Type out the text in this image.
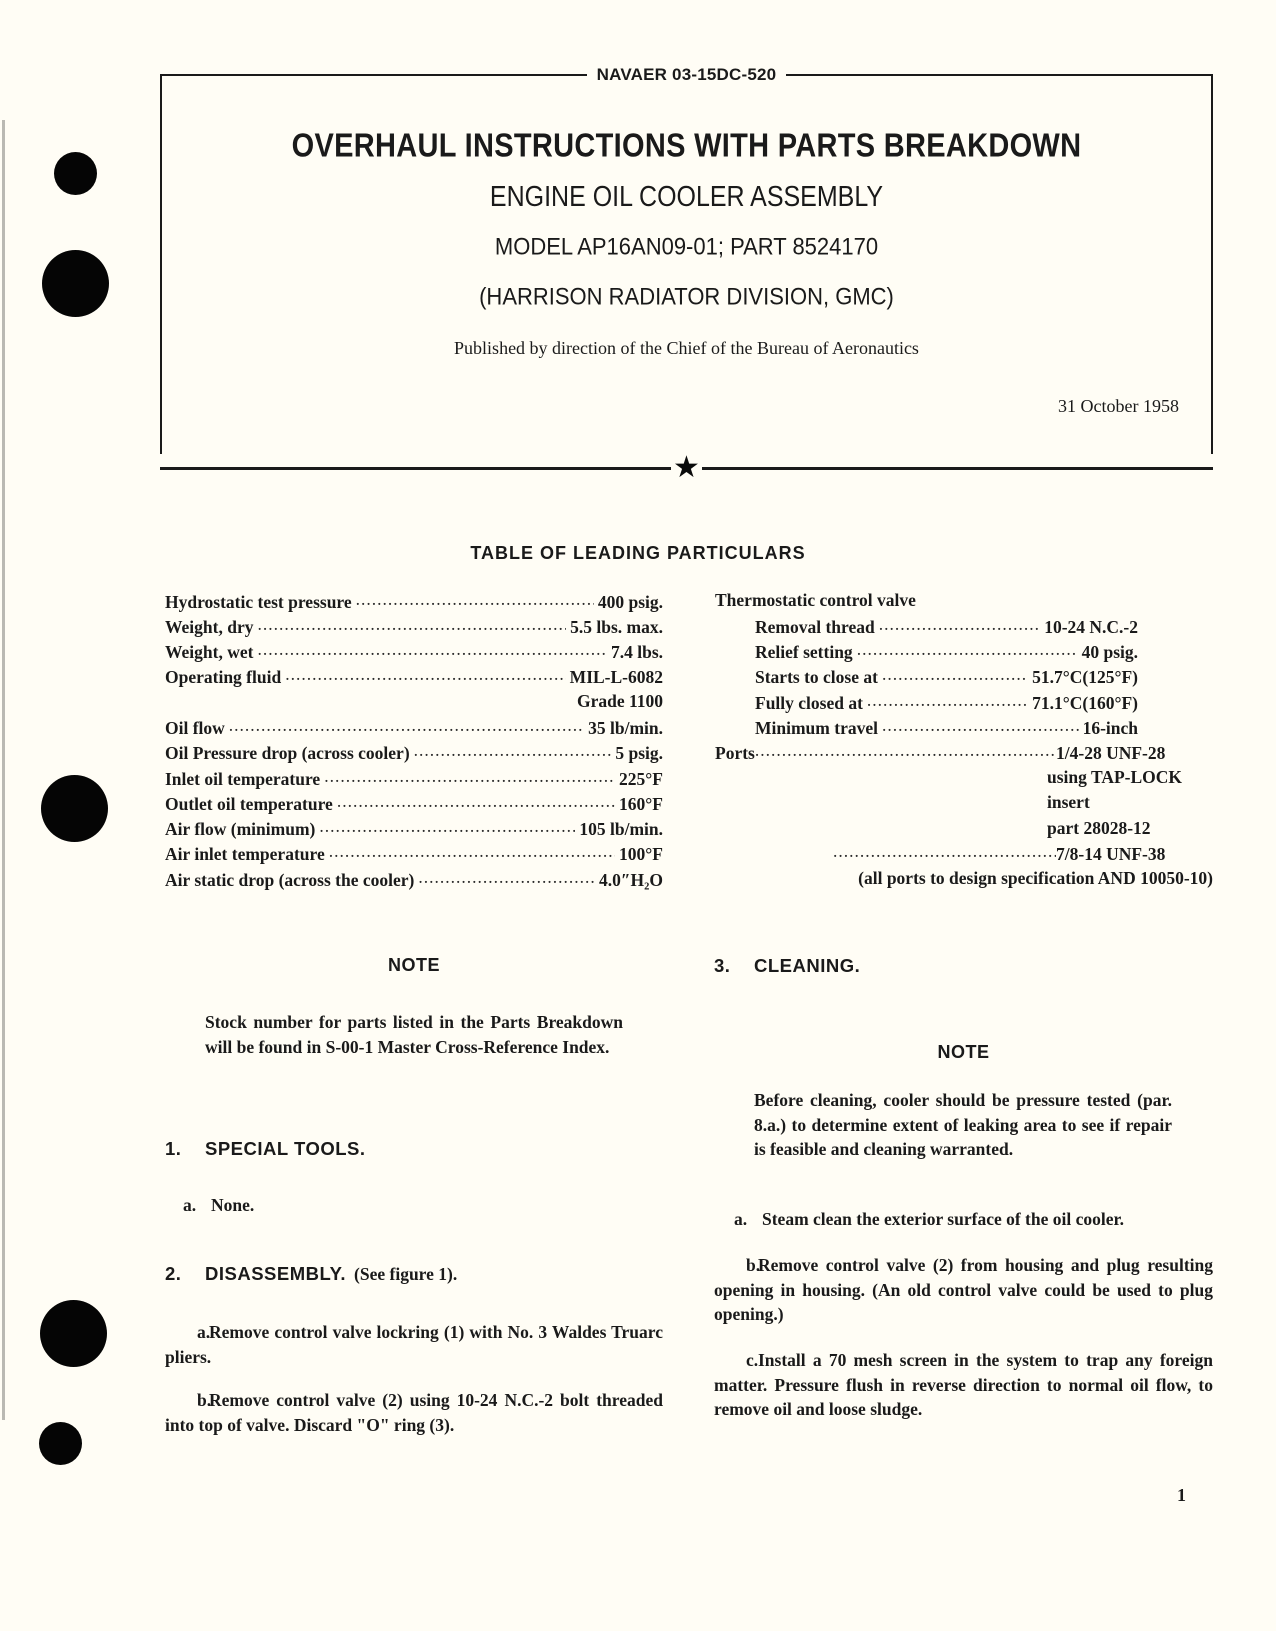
NAVAER 03-15DC-520
OVERHAUL INSTRUCTIONS WITH PARTS BREAKDOWN
ENGINE OIL COOLER ASSEMBLY
MODEL AP16AN09-01; PART 8524170
(HARRISON RADIATOR DIVISION, GMC)
Published by direction of the Chief of the Bureau of Aeronautics
31 October 1958
★
TABLE OF LEADING PARTICULARS
Hydrostatic test pressure .....	400 psig.
Weight, dry .....	5.5 lbs. max.
Weight, wet .....	7.4 lbs.
Operating fluid .....	MIL-L-6082
Grade 1100
Oil flow .....	35 lb/min.
Oil Pressure drop (across cooler) .....	5 psig.
Inlet oil temperature .....	225°F
Outlet oil temperature .....	160°F
Air flow (minimum) .....	105 lb/min.
Air inlet temperature .....	100°F
Air static drop (across the cooler) .....	4.0″H₂O
Thermostatic control valve
Removal thread .....	10-24 N.C.-2
Relief setting .....	40 psig.
Starts to close at .....	51.7°C(125°F)
Fully closed at .....	71.1°C(160°F)
Minimum travel .....	16-inch
Ports .....	1/4-28 UNF-28
using TAP-LOCK
insert
part 28028-12
.....
7/8-14 UNF-38
(all ports to design specification AND 10050-10)
NOTE
Stock number for parts listed in the Parts Breakdown will be found in S-00-1 Master Cross-Reference Index.
1. SPECIAL TOOLS.
a. None.
2. DISASSEMBLY. (See figure 1).
a.Remove control valve lockring (1) with No. 3 Waldes Truarc pliers.
b.Remove control valve (2) using 10-24 N.C.-2 bolt threaded into top of valve. Discard "O" ring (3).
3. CLEANING.
NOTE
Before cleaning, cooler should be pressure tested (par. 8.a.) to determine extent of leaking area to see if repair is feasible and cleaning warranted.
a. Steam clean the exterior surface of the oil cooler.
b.Remove control valve (2) from housing and plug resulting opening in housing. (An old control valve could be used to plug opening.)
c.Install a 70 mesh screen in the system to trap any foreign matter. Pressure flush in reverse direction to normal oil flow, to remove oil and loose sludge.
1
